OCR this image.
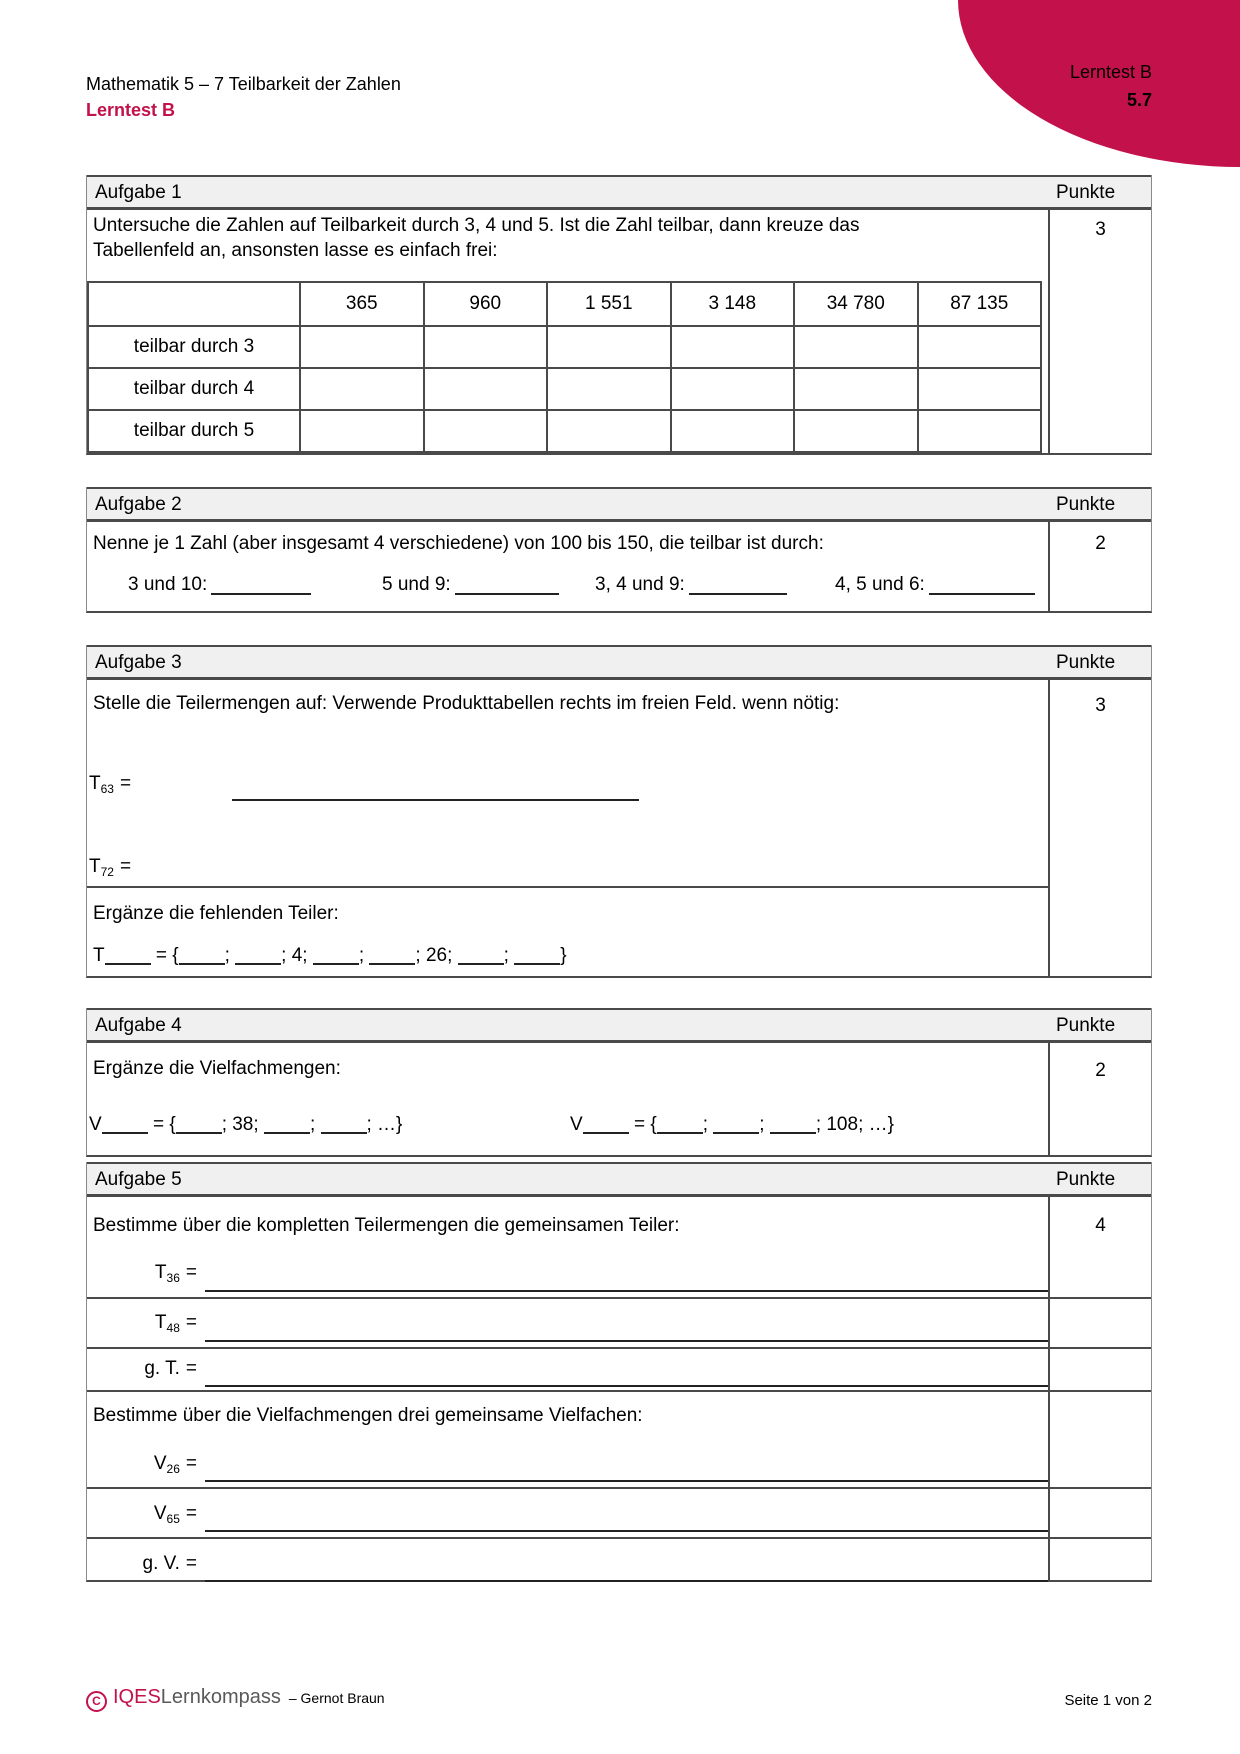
Lerntest B
5.7
Mathematik 5 – 7 Teilbarkeit der Zahlen
Lerntest B
Aufgabe 1	Punkte
3
Untersuche die Zahlen auf Teilbarkeit durch 3, 4 und 5. Ist die Zahl teilbar, dann kreuze das Tabellenfeld an, ansonsten lasse es einfach frei:
	365	960	1 551	3 148	34 780	87 135
teilbar durch 3						
teilbar durch 4						
teilbar durch 5						
Aufgabe 2	Punkte
2
Nenne je 1 Zahl (aber insgesamt 4 verschiedene) von 100 bis 150, die teilbar ist durch:
3 und 10:	5 und 9:	3, 4 und 9:	4, 5 und 6:
Aufgabe 3	Punkte
3
Stelle die Teilermengen auf: Verwende Produkttabellen rechts im freien Feld. wenn nötig:
$T_{63}$ =
$T_{72}$ =
Ergänze die fehlenden Teiler:
T = { ; ; 4; ; ; 26; ; }
Aufgabe 4	Punkte
2
Ergänze die Vielfachmengen:
V = { ; 38; ; ; …}	V = { ; ; ; 108; …}
Aufgabe 5	Punkte
4
Bestimme über die kompletten Teilermengen die gemeinsamen Teiler:
$T_{36}$ =
$T_{48}$ =
g. T. =
Bestimme über die Vielfachmengen drei gemeinsame Vielfachen:
$V_{26}$ =
$V_{65}$ =
g. V. =
C IQESLernkompass – Gernot Braun	Seite 1 von 2
